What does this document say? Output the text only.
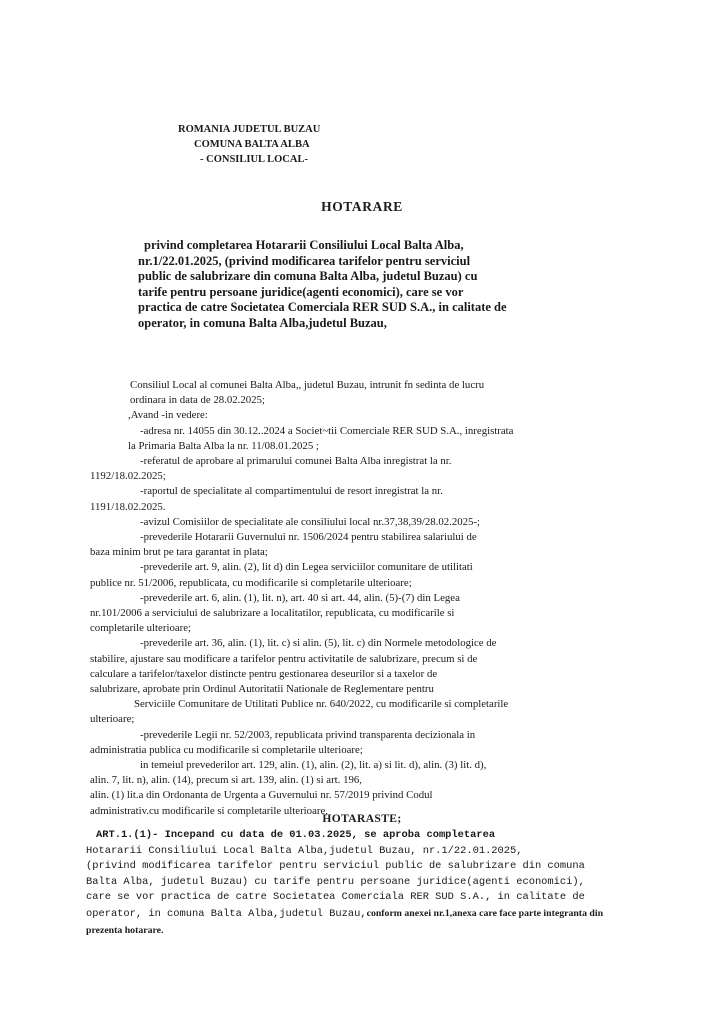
ROMANIA JUDETUL BUZAU
COMUNA BALTA ALBA
- CONSILIUL LOCAL-
HOTARARE
privind completarea Hotararii Consiliului Local Balta Alba,
nr.1/22.01.2025, (privind modificarea tarifelor pentru serviciul
public de salubrizare din comuna Balta Alba, judetul Buzau) cu
tarife pentru persoane juridice(agenti economici), care se vor
practica de catre Societatea Comerciala RER SUD S.A., in calitate de
operator, in comuna Balta Alba,judetul Buzau,
Consiliul Local al comunei Balta Alba,, judetul Buzau, intrunit fn sedinta de lucru
ordinara in data de 28.02.2025;
,Avand -in vedere:
-adresa nr. 14055 din 30.12..2024 a Societ~tii Comerciale RER SUD S.A., inregistrata
la Primaria Balta Alba la nr. 11/08.01.2025 ;
-referatul de aprobare al primarului comunei Balta Alba inregistrat la nr.
1192/18.02.2025;
-raportul de specialitate al compartimentului de resort inregistrat la nr.
1191/18.02.2025.
-avizul Comisiilor de specialitate ale consiliului local nr.37,38,39/28.02.2025-;
-prevederile Hotararii Guvernului nr. 1506/2024 pentru stabilirea salariului de
baza minim brut pe tara garantat in plata;
-prevederile art. 9, alin. (2), lit d) din Legea serviciilor comunitare de utilitati
publice nr. 51/2006, republicata, cu modificarile si completarile ulterioare;
-prevederile art. 6, alin. (1), lit. n), art. 40 si art. 44, alin. (5)-(7) din Legea
nr.101/2006 a serviciului de salubrizare a localitatilor, republicata, cu modificarile si
completarile ulterioare;
-prevederile art. 36, alin. (1), lit. c) si alin. (5), lit. c) din Normele metodologice de
stabilire, ajustare sau modificare a tarifelor pentru activitatile de salubrizare, precum si de
calculare a tarifelor/taxelor distincte pentru gestionarea deseurilor si a taxelor de
salubrizare, aprobate prin Ordinul Autoritatii Nationale de Reglementare pentru
Serviciile Comunitare de Utilitati Publice nr. 640/2022, cu modificarile si completarile
ulterioare;
-prevederile Legii nr. 52/2003, republicata privind transparenta decizionala in
administratia publica cu modificarile si completarile ulterioare;
in temeiul prevederilor art. 129, alin. (1), alin. (2), lit. a) si lit. d), alin. (3) lit. d),
alin. 7, lit. n), alin. (14), precum si art. 139, alin. (1) si art. 196,
alin. (1) lit.a din Ordonanta de Urgenta a Guvernului nr. 57/2019 privind Codul
administrativ.cu modificarile si completarile ulterioare,
HOTARASTE;
ART.1.(1)- Incepand cu data de 01.03.2025, se aproba completarea
Hotararii Consiliului Local Balta Alba,judetul Buzau, nr.1/22.01.2025,
(privind modificarea tarifelor pentru serviciul public de salubrizare din comuna
Balta Alba, judetul Buzau) cu tarife pentru persoane juridice(agenti economici),
care se vor practica de catre Societatea Comerciala RER SUD S.A., in calitate de
operator, in comuna Balta Alba,judetul Buzau,conform anexei nr.1,anexa care face parte integranta din
prezenta hotarare.
